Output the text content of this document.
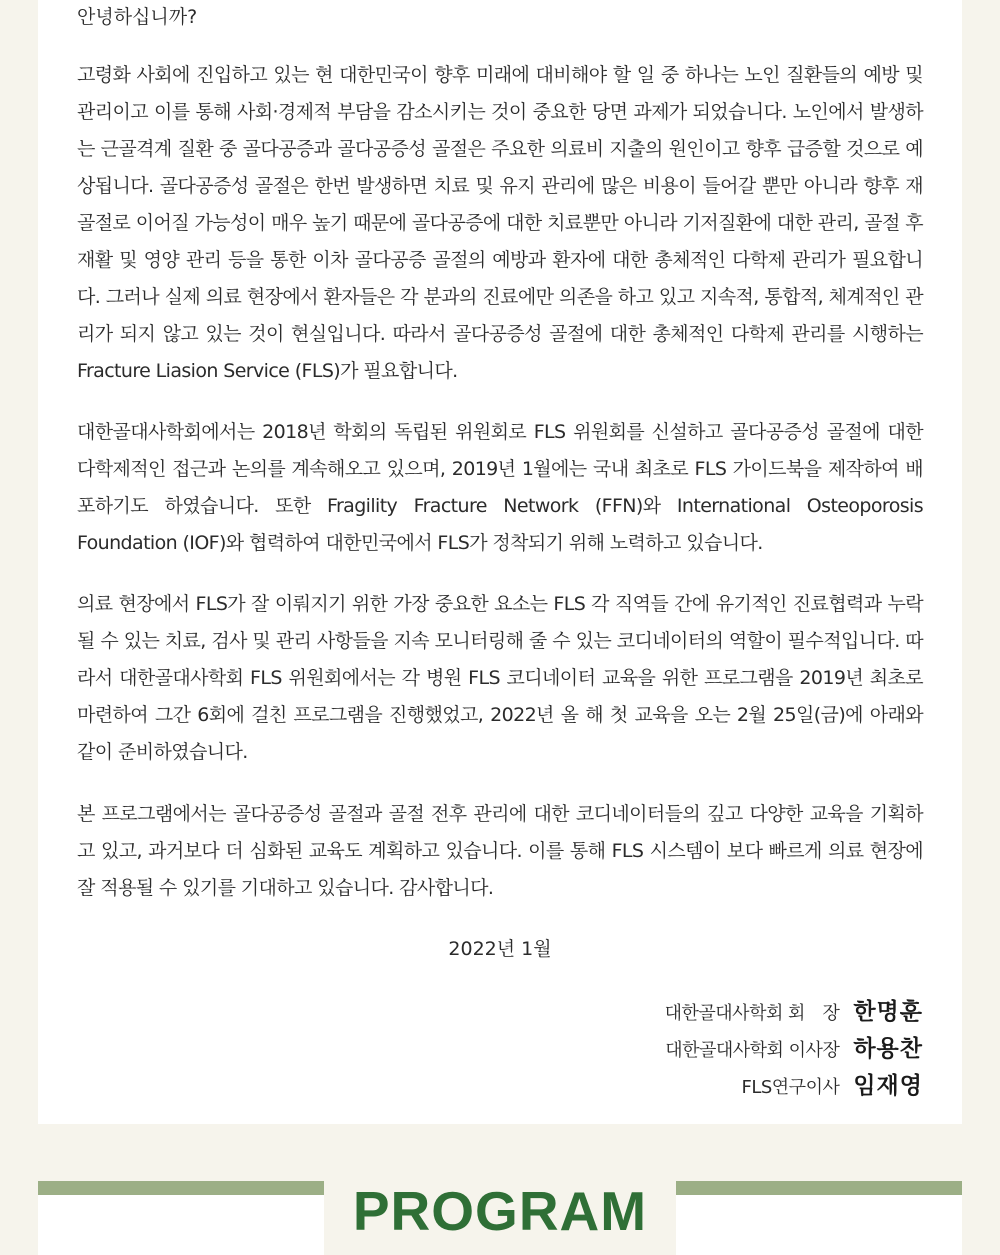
안녕하십니까?

고령화 사회에 진입하고 있는 현 대한민국이 향후 미래에 대비해야 할 일 중 하나는 노인 질환들의 예방 및 관리이고 이를 통해 사회·경제적 부담을 감소시키는 것이 중요한 당면 과제가 되었습니다. 노인에서 발생하는 근골격계 질환 중 골다공증과 골다공증성 골절은 주요한 의료비 지출의 원인이고 향후 급증할 것으로 예상됩니다. 골다공증성 골절은 한번 발생하면 치료 및 유지 관리에 많은 비용이 들어갈 뿐만 아니라 향후 재골절로 이어질 가능성이 매우 높기 때문에 골다공증에 대한 치료뿐만 아니라 기저질환에 대한 관리, 골절 후 재활 및 영양 관리 등을 통한 이차 골다공증 골절의 예방과 환자에 대한 총체적인 다학제 관리가 필요합니다. 그러나 실제 의료 현장에서 환자들은 각 분과의 진료에만 의존을 하고 있고 지속적, 통합적, 체계적인 관리가 되지 않고 있는 것이 현실입니다. 따라서 골다공증성 골절에 대한 총체적인 다학제 관리를 시행하는 Fracture Liasion Service (FLS)가 필요합니다.

대한골대사학회에서는 2018년 학회의 독립된 위원회로 FLS 위원회를 신설하고 골다공증성 골절에 대한 다학제적인 접근과 논의를 계속해오고 있으며, 2019년 1월에는 국내 최초로 FLS 가이드북을 제작하여 배포하기도 하였습니다. 또한 Fragility Fracture Network (FFN)와 International Osteoporosis Foundation (IOF)와 협력하여 대한민국에서 FLS가 정착되기 위해 노력하고 있습니다.

의료 현장에서 FLS가 잘 이뤄지기 위한 가장 중요한 요소는 FLS 각 직역들 간에 유기적인 진료협력과 누락될 수 있는 치료, 검사 및 관리 사항들을 지속 모니터링해 줄 수 있는 코디네이터의 역할이 필수적입니다. 따라서 대한골대사학회 FLS 위원회에서는 각 병원 FLS 코디네이터 교육을 위한 프로그램을 2019년 최초로 마련하여 그간 6회에 걸친 프로그램을 진행했었고, 2022년 올 해 첫 교육을 오는 2월 25일(금)에 아래와 같이 준비하였습니다.

본 프로그램에서는 골다공증성 골절과 골절 전후 관리에 대한 코디네이터들의 깊고 다양한 교육을 기획하고 있고, 과거보다 더 심화된 교육도 계획하고 있습니다. 이를 통해 FLS 시스템이 보다 빠르게 의료 현장에 잘 적용될 수 있기를 기대하고 있습니다. 감사합니다.

2022년 1월
대한골대사학회 회　장 한명훈
대한골대사학회 이사장 하용찬
FLS연구이사 임재영
PROGRAM
